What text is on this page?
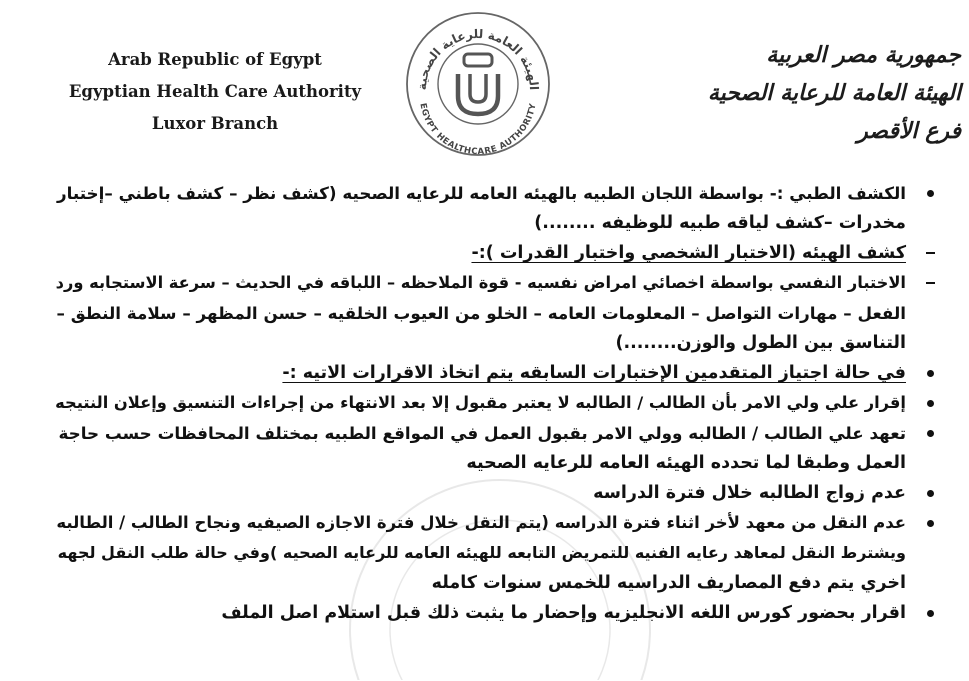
Arab Republic of Egypt
Egyptian Health Care Authority
Luxor Branch
الهيئة العامة للرعاية الصحية
EGYPT HEALTHCARE AUTHORITY
جمهورية مصر العربية
الهيئة العامة للرعاية الصحية
فرع الأقصر
الكشف الطبي :- بواسطة اللجان الطبيه بالهيئه العامه للرعايه الصحيه (كشف نظر – كشف باطني –إختبار
مخدرات –كشف لياقه طبيه للوظيفه ........)
كشف الهيئه (الاختبار الشخصي واختبار القدرات ):-
الاختبار النفسي بواسطة اخصائي امراض نفسيه - قوة الملاحظه – اللباقه في الحديث – سرعة الاستجابه ورد
الفعل – مهارات التواصل – المعلومات العامه – الخلو من العيوب الخلقيه – حسن المظهر – سلامة النطق –
التناسق بين الطول والوزن........)
في حالة اجتياز المتقدمين الإختبارات السابقه يتم اتخاذ الاقرارات الاتيه :-
إقرار علي ولي الامر بأن الطالب / الطالبه لا يعتبر مقبول إلا بعد الانتهاء من إجراءات التنسيق وإعلان النتيجه
تعهد علي الطالب / الطالبه وولي الامر بقبول العمل في المواقع الطبيه بمختلف المحافظات حسب حاجة
العمل وطبقا لما تحدده الهيئه العامه للرعايه الصحيه
عدم زواج الطالبه خلال فترة الدراسه
عدم النقل من معهد لأخر اثناء فترة الدراسه (يتم النقل خلال فترة الاجازه الصيفيه ونجاح الطالب / الطالبه
ويشترط النقل لمعاهد رعايه الفنيه للتمريض التابعه للهيئه العامه للرعايه الصحيه )وفي حالة طلب النقل لجهه
اخري يتم دفع المصاريف الدراسيه للخمس سنوات كامله
اقرار بحضور كورس اللغه الانجليزيه وإحضار ما يثبت ذلك قبل استلام اصل الملف
